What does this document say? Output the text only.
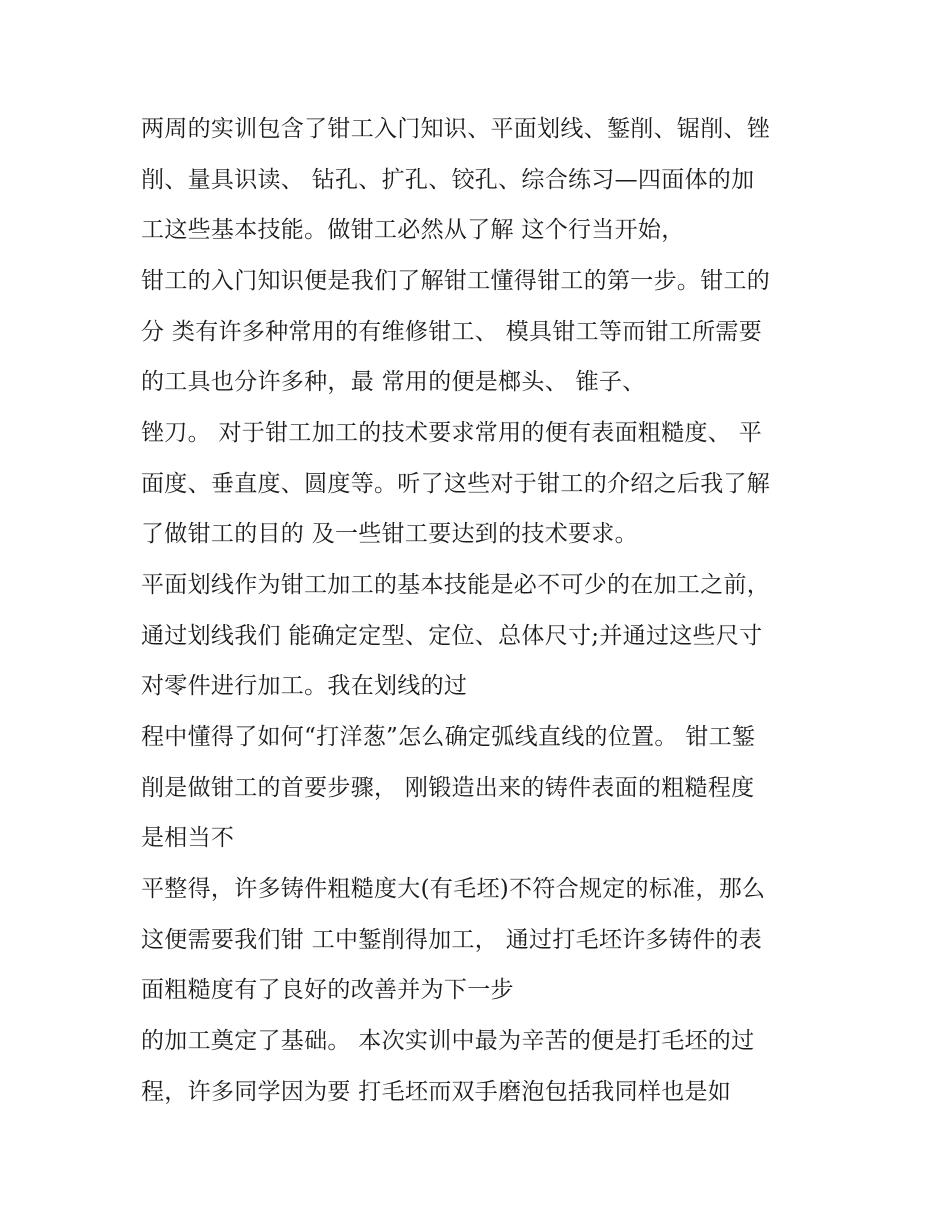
两周的实训包含了钳工入门知识、平面划线、錾削、锯削、锉
削、量具识读、 钻孔、扩孔、铰孔、综合练习—四面体的加
工这些基本技能。做钳工必然从了解 这个行当开始，
钳工的入门知识便是我们了解钳工懂得钳工的第一步。钳工的
分 类有许多种常用的有维修钳工、 模具钳工等而钳工所需要
的工具也分许多种，最 常用的便是榔头、 锥子、
锉刀。 对于钳工加工的技术要求常用的便有表面粗糙度、 平
面度、垂直度、圆度等。听了这些对于钳工的介绍之后我了解
了做钳工的目的 及一些钳工要达到的技术要求。
平面划线作为钳工加工的基本技能是必不可少的在加工之前，
通过划线我们 能确定定型、定位、总体尺寸;并通过这些尺寸
对零件进行加工。我在划线的过
程中懂得了如何“打洋葱”怎么确定弧线直线的位置。 钳工錾
削是做钳工的首要步骤， 刚锻造出来的铸件表面的粗糙程度
是相当不
平整得，许多铸件粗糙度大(有毛坯)不符合规定的标准，那么
这便需要我们钳 工中錾削得加工， 通过打毛坯许多铸件的表
面粗糙度有了良好的改善并为下一步
的加工奠定了基础。 本次实训中最为辛苦的便是打毛坯的过
程，许多同学因为要 打毛坯而双手磨泡包括我同样也是如
